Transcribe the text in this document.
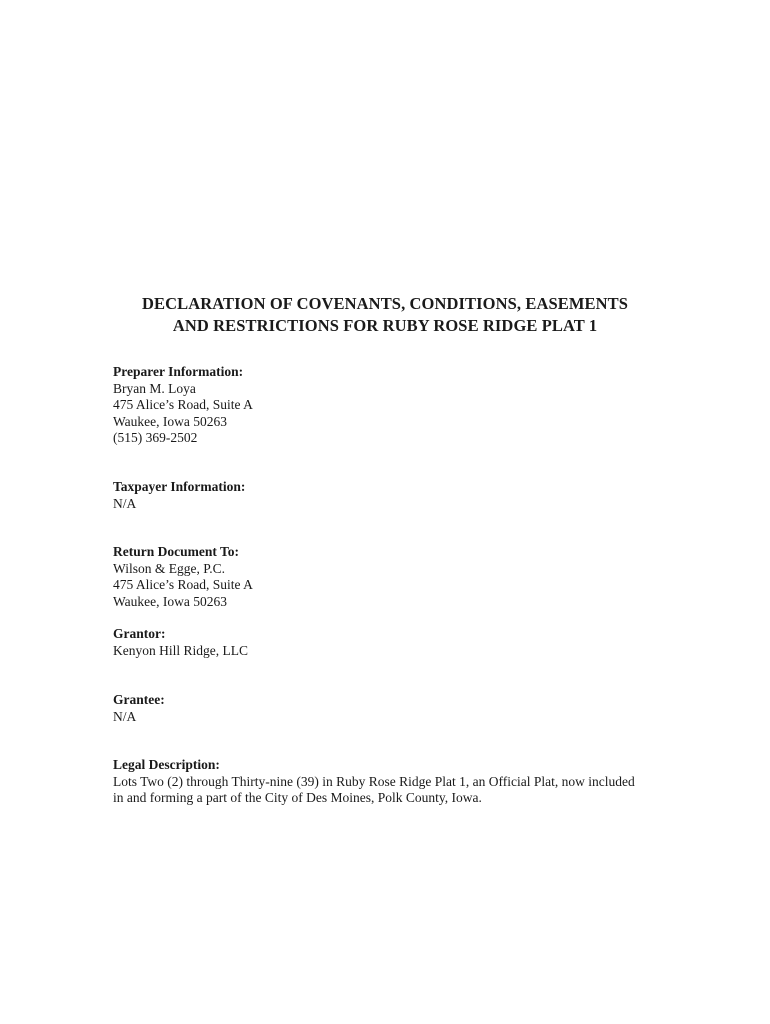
DECLARATION OF COVENANTS, CONDITIONS, EASEMENTS
AND RESTRICTIONS FOR RUBY ROSE RIDGE PLAT 1
Preparer Information:
Bryan M. Loya
475 Alice’s Road, Suite A
Waukee, Iowa 50263
(515) 369-2502
Taxpayer Information:
N/A
Return Document To:
Wilson & Egge, P.C.
475 Alice’s Road, Suite A
Waukee, Iowa 50263
Grantor:
Kenyon Hill Ridge, LLC
Grantee:
N/A
Legal Description:
Lots Two (2) through Thirty-nine (39) in Ruby Rose Ridge Plat 1, an Official Plat, now included
in and forming a part of the City of Des Moines, Polk County, Iowa.
